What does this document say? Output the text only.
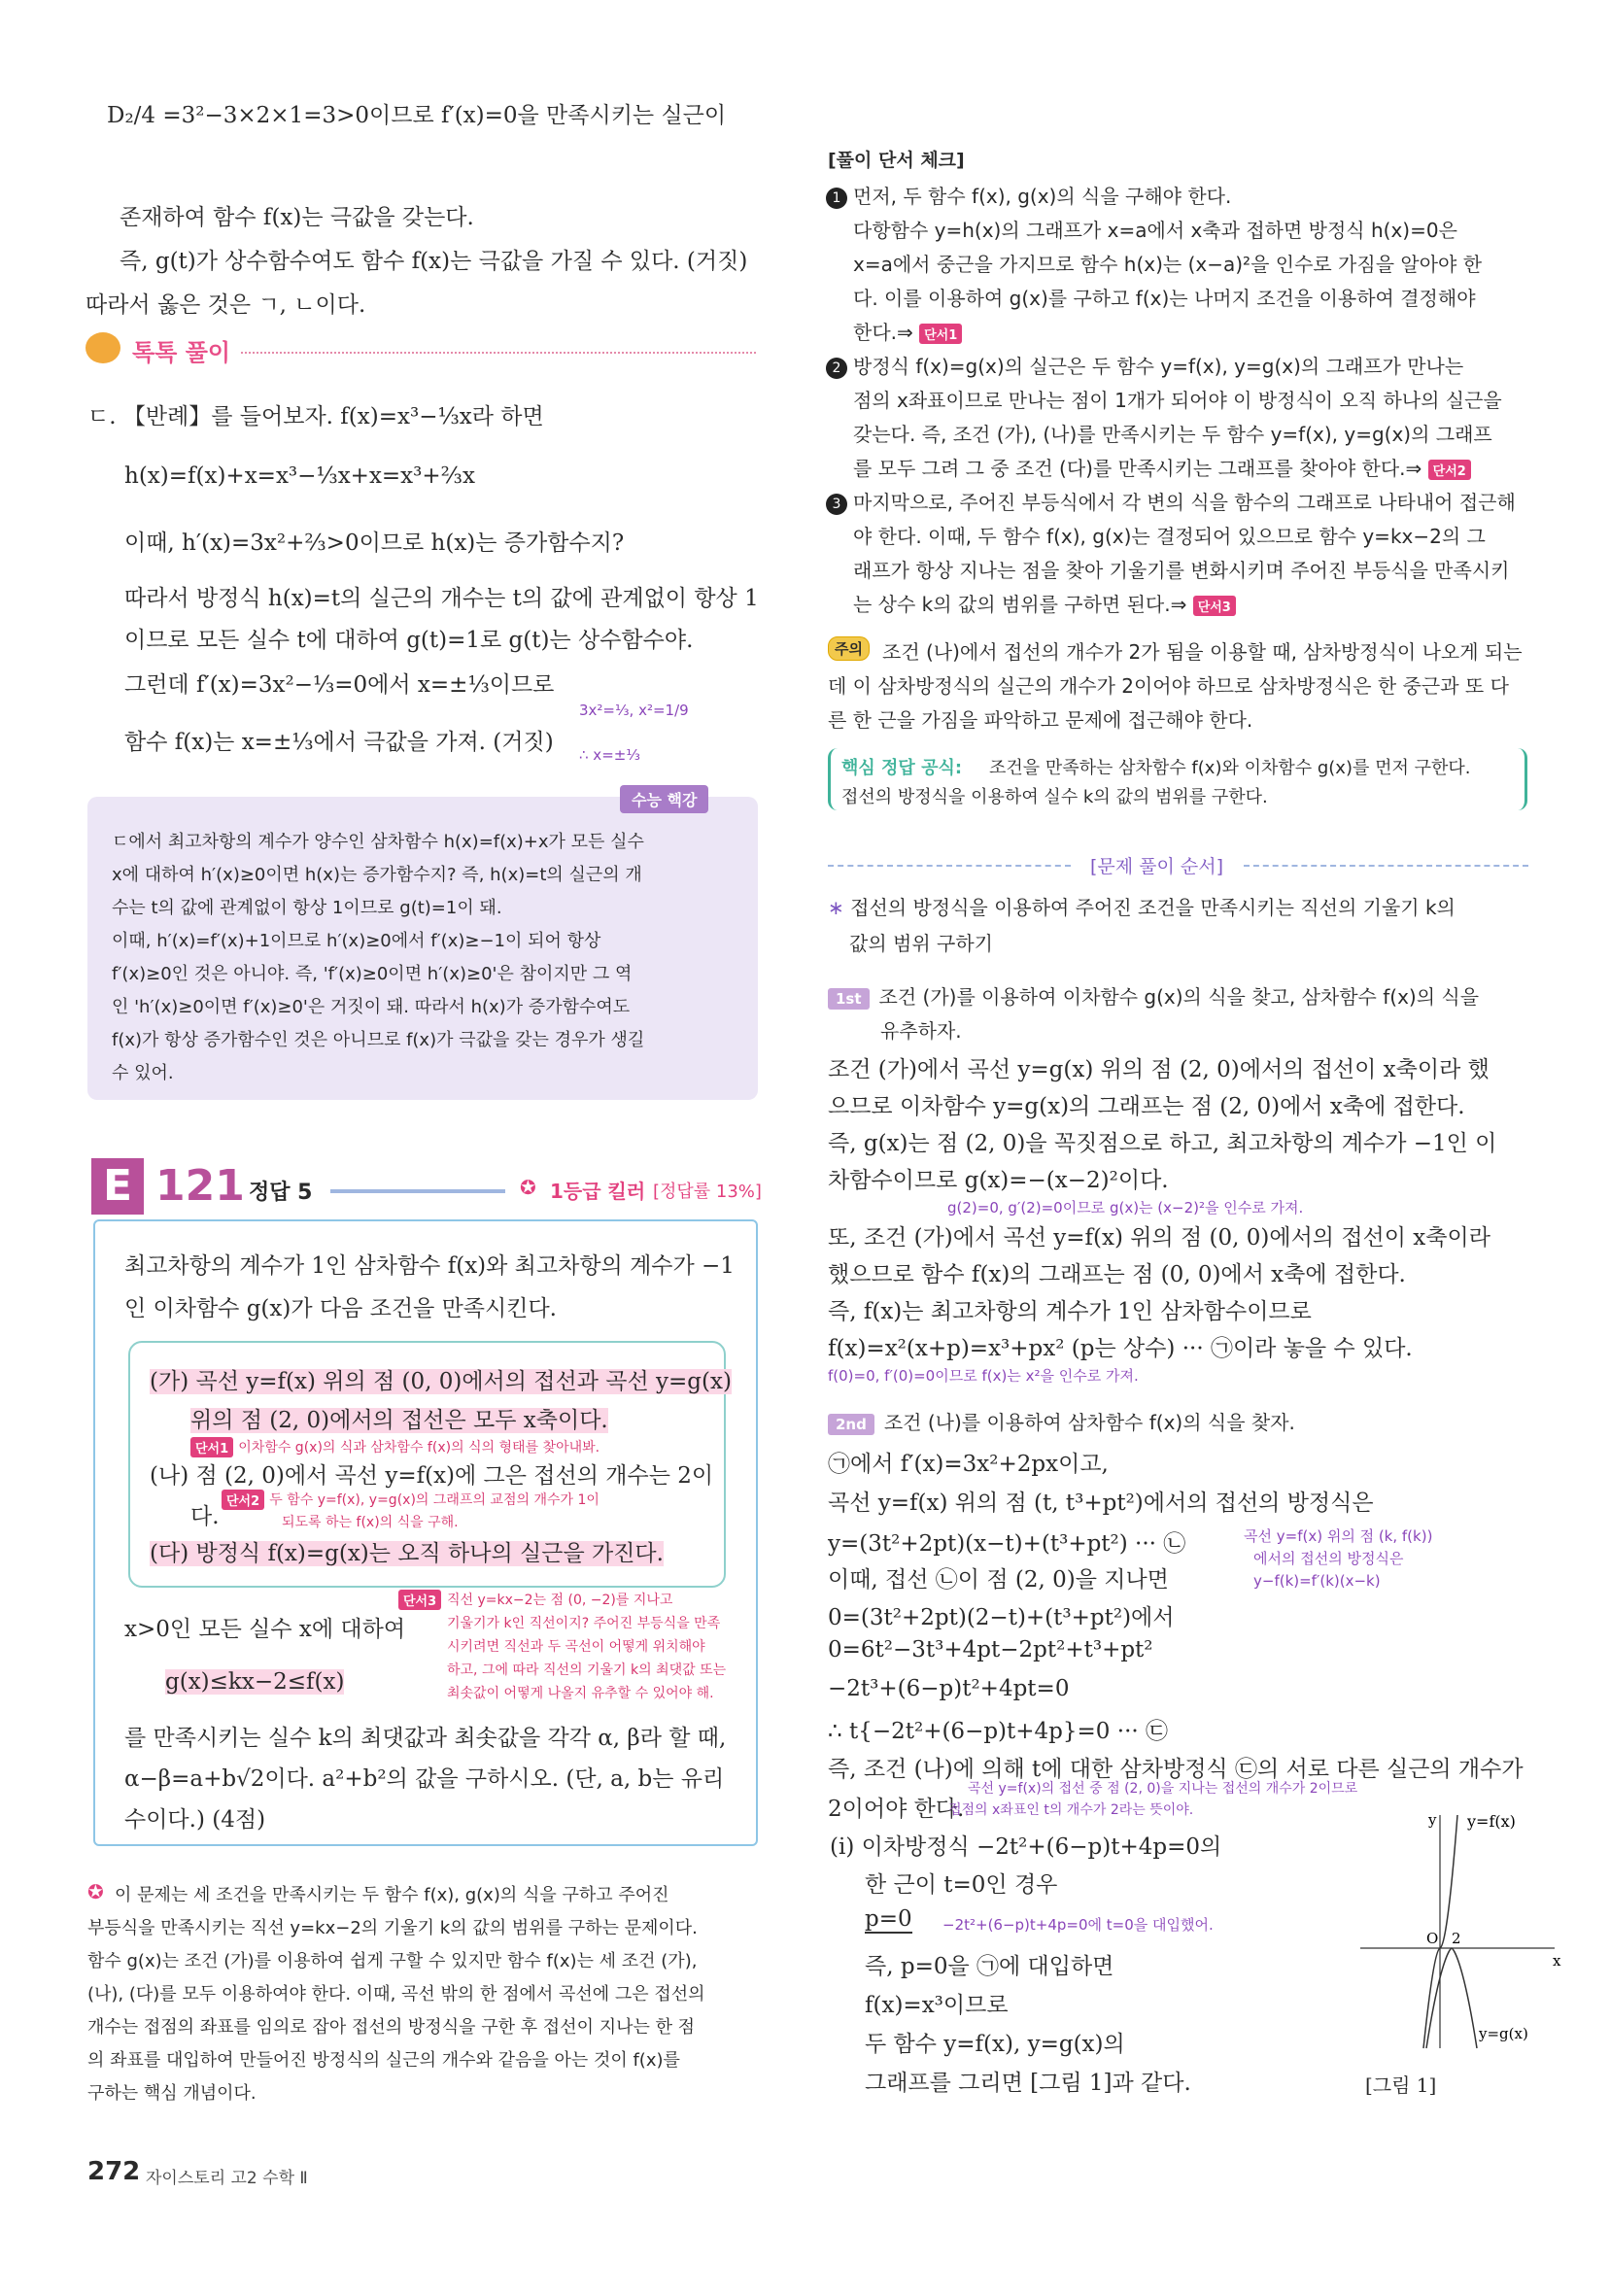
D₂/4 =3²−3×2×1=3>0이므로 f′(x)=0을 만족시키는 실근이
존재하여 함수 f(x)는 극값을 갖는다.
즉, g(t)가 상수함수여도 함수 f(x)는 극값을 가질 수 있다. (거짓)
따라서 옳은 것은 ㄱ, ㄴ이다.
톡톡 풀이
ㄷ. 【반례】를 들어보자. f(x)=x³−⅓x라 하면
h(x)=f(x)+x=x³−⅓x+x=x³+⅔x
이때, h′(x)=3x²+⅔>0이므로 h(x)는 증가함수지?
따라서 방정식 h(x)=t의 실근의 개수는 t의 값에 관계없이 항상 1
이므로 모든 실수 t에 대하여 g(t)=1로 g(t)는 상수함수야.
그런데 f′(x)=3x²−⅓=0에서 x=±⅓이므로
함수 f(x)는 x=±⅓에서 극값을 가져. (거짓)
3x²=⅓, x²=1/9
∴ x=±⅓
수능 핵강
ㄷ에서 최고차항의 계수가 양수인 삼차함수 h(x)=f(x)+x가 모든 실수
x에 대하여 h′(x)≥0이면 h(x)는 증가함수지? 즉, h(x)=t의 실근의 개
수는 t의 값에 관계없이 항상 1이므로 g(t)=1이 돼.
이때, h′(x)=f′(x)+1이므로 h′(x)≥0에서 f′(x)≥−1이 되어 항상
f′(x)≥0인 것은 아니야. 즉, 'f′(x)≥0이면 h′(x)≥0'은 참이지만 그 역
인 'h′(x)≥0이면 f′(x)≥0'은 거짓이 돼. 따라서 h(x)가 증가함수여도
f(x)가 항상 증가함수인 것은 아니므로 f(x)가 극값을 갖는 경우가 생길
수 있어.
E 121 정답 5	✪ 1등급 킬러 [정답률 13%]
최고차항의 계수가 1인 삼차함수 f(x)와 최고차항의 계수가 −1
인 이차함수 g(x)가 다음 조건을 만족시킨다.
(가) 곡선 y=f(x) 위의 점 (0, 0)에서의 접선과 곡선 y=g(x)
위의 점 (2, 0)에서의 접선은 모두 x축이다.
단서1 이차함수 g(x)의 식과 삼차함수 f(x)의 식의 형태를 찾아내봐.
(나) 점 (2, 0)에서 곡선 y=f(x)에 그은 접선의 개수는 2이
다.
단서2 두 함수 y=f(x), y=g(x)의 그래프의 교점의 개수가 1이
되도록 하는 f(x)의 식을 구해.
(다) 방정식 f(x)=g(x)는 오직 하나의 실근을 가진다.
x>0인 모든 실수 x에 대하여
g(x)≤kx−2≤f(x)
단서3 직선 y=kx−2는 점 (0, −2)를 지나고
기울기가 k인 직선이지? 주어진 부등식을 만족
시키려면 직선과 두 곡선이 어떻게 위치해야
하고, 그에 따라 직선의 기울기 k의 최댓값 또는
최솟값이 어떻게 나올지 유추할 수 있어야 해.
를 만족시키는 실수 k의 최댓값과 최솟값을 각각 α, β라 할 때,
α−β=a+b√2이다. a²+b²의 값을 구하시오. (단, a, b는 유리
수이다.) (4점)
✪ 이 문제는 세 조건을 만족시키는 두 함수 f(x), g(x)의 식을 구하고 주어진
부등식을 만족시키는 직선 y=kx−2의 기울기 k의 값의 범위를 구하는 문제이다.
함수 g(x)는 조건 (가)를 이용하여 쉽게 구할 수 있지만 함수 f(x)는 세 조건 (가),
(나), (다)를 모두 이용하여야 한다. 이때, 곡선 밖의 한 점에서 곡선에 그은 접선의
개수는 접점의 좌표를 임의로 잡아 접선의 방정식을 구한 후 접선이 지나는 한 점
의 좌표를 대입하여 만들어진 방정식의 실근의 개수와 같음을 아는 것이 f(x)를
구하는 핵심 개념이다.
272 자이스토리 고2 수학 Ⅱ
[풀이 단서 체크]
1 먼저, 두 함수 f(x), g(x)의 식을 구해야 한다.
다항함수 y=h(x)의 그래프가 x=a에서 x축과 접하면 방정식 h(x)=0은
x=a에서 중근을 가지므로 함수 h(x)는 (x−a)²을 인수로 가짐을 알아야 한
다. 이를 이용하여 g(x)를 구하고 f(x)는 나머지 조건을 이용하여 결정해야
한다.⇒ 단서1
2 방정식 f(x)=g(x)의 실근은 두 함수 y=f(x), y=g(x)의 그래프가 만나는
점의 x좌표이므로 만나는 점이 1개가 되어야 이 방정식이 오직 하나의 실근을
갖는다. 즉, 조건 (가), (나)를 만족시키는 두 함수 y=f(x), y=g(x)의 그래프
를 모두 그려 그 중 조건 (다)를 만족시키는 그래프를 찾아야 한다.⇒ 단서2
3 마지막으로, 주어진 부등식에서 각 변의 식을 함수의 그래프로 나타내어 접근해
야 한다. 이때, 두 함수 f(x), g(x)는 결정되어 있으므로 함수 y=kx−2의 그
래프가 항상 지나는 점을 찾아 기울기를 변화시키며 주어진 부등식을 만족시키
는 상수 k의 값의 범위를 구하면 된다.⇒ 단서3
주의	조건 (나)에서 접선의 개수가 2가 됨을 이용할 때, 삼차방정식이 나오게 되는
데 이 삼차방정식의 실근의 개수가 2이어야 하므로 삼차방정식은 한 중근과 또 다
른 한 근을 가짐을 파악하고 문제에 접근해야 한다.
핵심 정답 공식: 조건을 만족하는 삼차함수 f(x)와 이차함수 g(x)를 먼저 구한다.
접선의 방정식을 이용하여 실수 k의 값의 범위를 구한다.
[문제 풀이 순서]
∗ 접선의 방정식을 이용하여 주어진 조건을 만족시키는 직선의 기울기 k의
값의 범위 구하기
1st 조건 (가)를 이용하여 이차함수 g(x)의 식을 찾고, 삼차함수 f(x)의 식을
유추하자.
조건 (가)에서 곡선 y=g(x) 위의 점 (2, 0)에서의 접선이 x축이라 했
으므로 이차함수 y=g(x)의 그래프는 점 (2, 0)에서 x축에 접한다.
즉, g(x)는 점 (2, 0)을 꼭짓점으로 하고, 최고차항의 계수가 −1인 이
차함수이므로 g(x)=−(x−2)²이다.
g(2)=0, g′(2)=0이므로 g(x)는 (x−2)²을 인수로 가져.
또, 조건 (가)에서 곡선 y=f(x) 위의 점 (0, 0)에서의 접선이 x축이라
했으므로 함수 f(x)의 그래프는 점 (0, 0)에서 x축에 접한다.
즉, f(x)는 최고차항의 계수가 1인 삼차함수이므로
f(x)=x²(x+p)=x³+px² (p는 상수) ··· ㉠이라 놓을 수 있다.
f(0)=0, f′(0)=0이므로 f(x)는 x²을 인수로 가져.
2nd 조건 (나)를 이용하여 삼차함수 f(x)의 식을 찾자.
㉠에서 f′(x)=3x²+2px이고,
곡선 y=f(x) 위의 점 (t, t³+pt²)에서의 접선의 방정식은
y=(3t²+2pt)(x−t)+(t³+pt²) ··· ㉡
이때, 접선 ㉡이 점 (2, 0)을 지나면
0=(3t²+2pt)(2−t)+(t³+pt²)에서
0=6t²−3t³+4pt−2pt²+t³+pt²
−2t³+(6−p)t²+4pt=0
∴ t{−2t²+(6−p)t+4p}=0 ··· ㉢
즉, 조건 (나)에 의해 t에 대한 삼차방정식 ㉢의 서로 다른 실근의 개수가
2이어야 한다.
곡선 y=f(x) 위의 점 (k, f(k))
에서의 접선의 방정식은
y−f(k)=f′(k)(x−k)
곡선 y=f(x)의 접선 중 점 (2, 0)을 지나는 접선의 개수가 2이므로
접점의 x좌표인 t의 개수가 2라는 뜻이야.
(ⅰ) 이차방정식 −2t²+(6−p)t+4p=0의
한 근이 t=0인 경우
p=0 −2t²+(6−p)t+4p=0에 t=0을 대입했어.
즉, p=0을 ㉠에 대입하면
f(x)=x³이므로
두 함수 y=f(x), y=g(x)의
그래프를 그리면 [그림 1]과 같다.
y=f(x)
y=g(x)
x
y
O 2
[그림 1]
